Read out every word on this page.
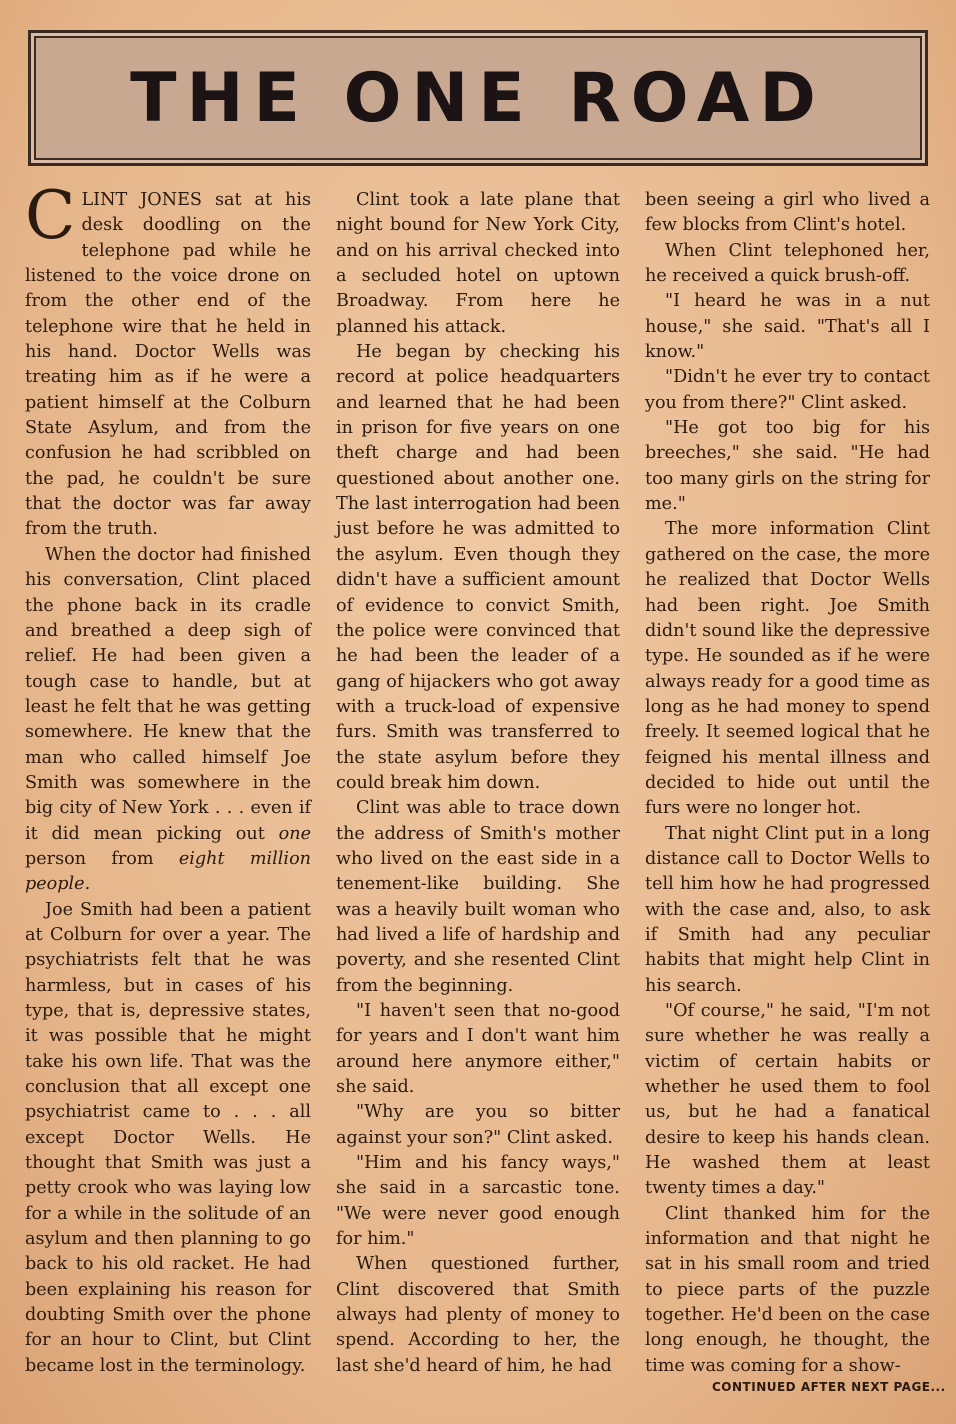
THE ONE ROAD

CLINT JONES sat at his desk doodling on the telephone pad while he listened to the voice drone on from the other end of the telephone wire that he held in his hand. Doctor Wells was treating him as if he were a patient himself at the Colburn State Asylum, and from the confusion he had scribbled on the pad, he couldn't be sure that the doctor was far away from the truth.

When the doctor had finished his conversation, Clint placed the phone back in its cradle and breathed a deep sigh of relief. He had been given a tough case to handle, but at least he felt that he was getting somewhere. He knew that the man who called himself Joe Smith was somewhere in the big city of New York . . . even if it did mean picking out one person from eight million people.

Joe Smith had been a patient at Colburn for over a year. The psychiatrists felt that he was harmless, but in cases of his type, that is, depressive states, it was possible that he might take his own life. That was the conclusion that all except one psychiatrist came to . . . all except Doctor Wells. He thought that Smith was just a petty crook who was laying low for a while in the solitude of an asylum and then planning to go back to his old racket. He had been explaining his reason for doubting Smith over the phone for an hour to Clint, but Clint became lost in the terminology.

Clint took a late plane that night bound for New York City, and on his arrival checked into a secluded hotel on uptown Broadway. From here he planned his attack.

He began by checking his record at police headquarters and learned that he had been in prison for five years on one theft charge and had been questioned about another one. The last interrogation had been just before he was admitted to the asylum. Even though they didn't have a sufficient amount of evidence to convict Smith, the police were convinced that he had been the leader of a gang of hijackers who got away with a truck-load of expensive furs. Smith was transferred to the state asylum before they could break him down.

Clint was able to trace down the address of Smith's mother who lived on the east side in a tenement-like building. She was a heavily built woman who had lived a life of hardship and poverty, and she resented Clint from the beginning.

"I haven't seen that no-good for years and I don't want him around here anymore either," she said.

"Why are you so bitter against your son?" Clint asked.

"Him and his fancy ways," she said in a sarcastic tone. "We were never good enough for him."

When questioned further, Clint discovered that Smith always had plenty of money to spend. According to her, the last she'd heard of him, he had

been seeing a girl who lived a few blocks from Clint's hotel.

When Clint telephoned her, he received a quick brush-off.

"I heard he was in a nut house," she said. "That's all I know."

"Didn't he ever try to contact you from there?" Clint asked.

"He got too big for his breeches," she said. "He had too many girls on the string for me."

The more information Clint gathered on the case, the more he realized that Doctor Wells had been right. Joe Smith didn't sound like the depressive type. He sounded as if he were always ready for a good time as long as he had money to spend freely. It seemed logical that he feigned his mental illness and decided to hide out until the furs were no longer hot.

That night Clint put in a long distance call to Doctor Wells to tell him how he had progressed with the case and, also, to ask if Smith had any peculiar habits that might help Clint in his search.

"Of course," he said, "I'm not sure whether he was really a victim of certain habits or whether he used them to fool us, but he had a fanatical desire to keep his hands clean. He washed them at least twenty times a day."

Clint thanked him for the information and that night he sat in his small room and tried to piece parts of the puzzle together. He'd been on the case long enough, he thought, the time was coming for a show-

CONTINUED AFTER NEXT PAGE...
